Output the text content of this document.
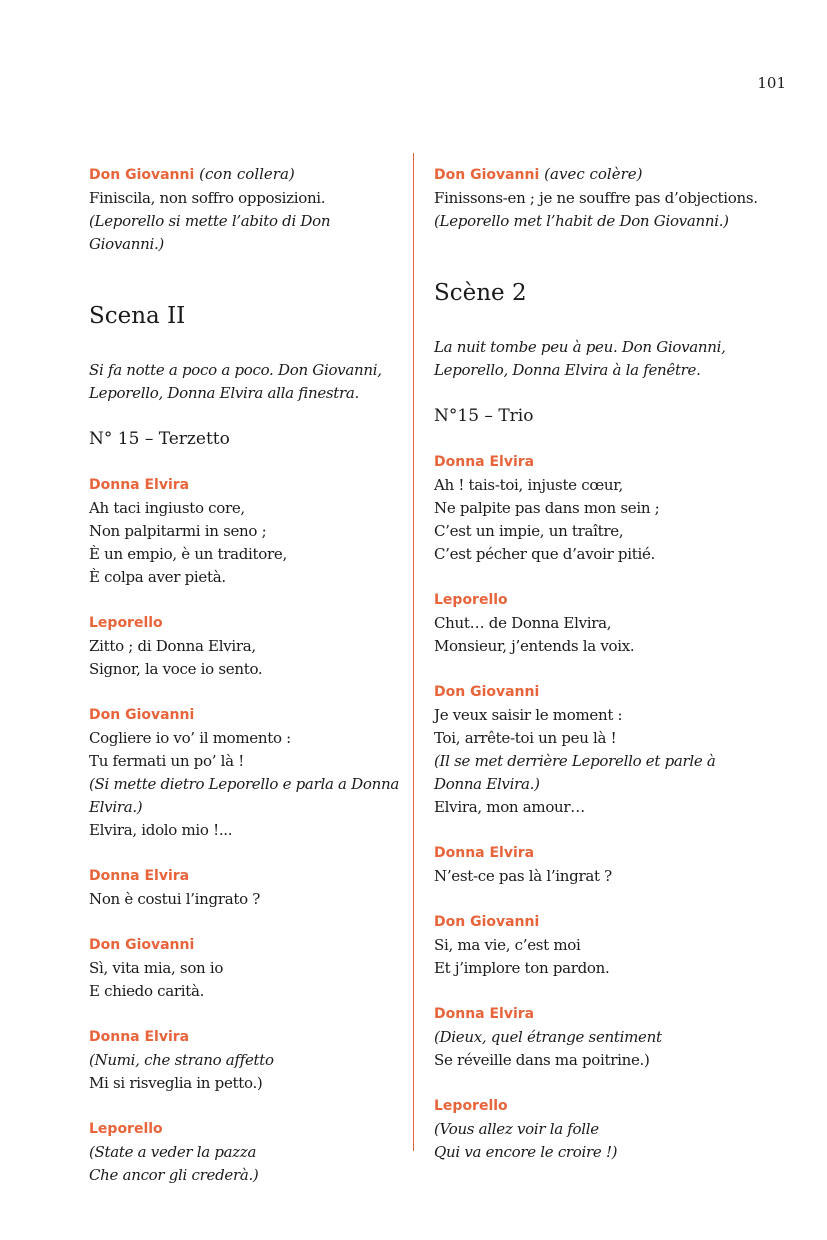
101
Don Giovanni (con collera)
Finiscila, non soffro opposizioni.
(Leporello si mette l’abito di Don Giovanni.)
Scena II
Si fa notte a poco a poco. Don Giovanni,
Leporello, Donna Elvira alla finestra.
N° 15 – Terzetto
Donna Elvira
Ah taci ingiusto core,
Non palpitarmi in seno ;
È un empio, è un traditore,
È colpa aver pietà.
Leporello
Zitto ; di Donna Elvira,
Signor, la voce io sento.
Don Giovanni
Cogliere io vo’ il momento :
Tu fermati un po’ là !
(Si mette dietro Leporello e parla a Donna
Elvira.)
Elvira, idolo mio !...
Donna Elvira
Non è costui l’ingrato ?
Don Giovanni
Sì, vita mia, son io
E chiedo carità.
Donna Elvira
(Numi, che strano affetto
Mi si risveglia in petto.)
Leporello
(State a veder la pazza
Che ancor gli crederà.)
Don Giovanni (avec colère)
Finissons-en ; je ne souffre pas d’objections.
(Leporello met l’habit de Don Giovanni.)
Scène 2
La nuit tombe peu à peu. Don Giovanni,
Leporello, Donna Elvira à la fenêtre.
N°15 – Trio
Donna Elvira
Ah ! tais-toi, injuste cœur,
Ne palpite pas dans mon sein ;
C’est un impie, un traître,
C’est pécher que d’avoir pitié.
Leporello
Chut… de Donna Elvira,
Monsieur, j’entends la voix.
Don Giovanni
Je veux saisir le moment :
Toi, arrête-toi un peu là !
(Il se met derrière Leporello et parle à
Donna Elvira.)
Elvira, mon amour…
Donna Elvira
N’est-ce pas là l’ingrat ?
Don Giovanni
Si, ma vie, c’est moi
Et j’implore ton pardon.
Donna Elvira
(Dieux, quel étrange sentiment
Se réveille dans ma poitrine.)
Leporello
(Vous allez voir la folle
Qui va encore le croire !)
